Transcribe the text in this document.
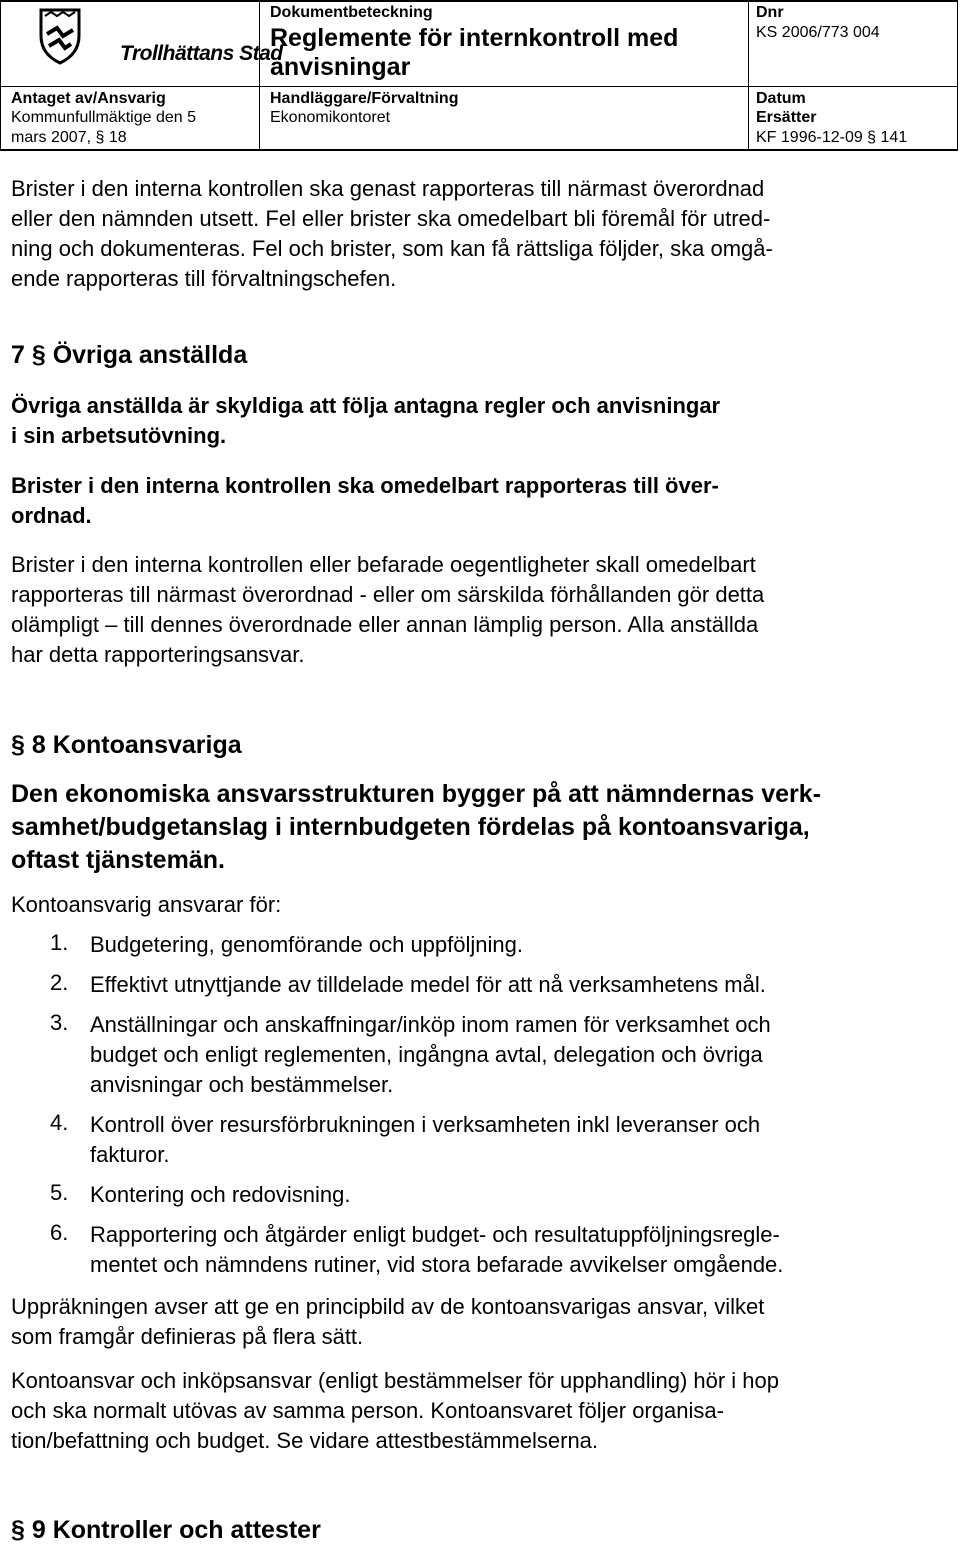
Trollhättans Stad
Dokumentbeteckning
Reglemente för internkontroll med
anvisningar
Handläggare/Förvaltning
Ekonomikontoret
Antaget av/Ansvarig
Kommunfullmäktige den 5
mars 2007, § 18
Dnr
KS 2006/773 004
Datum
Ersätter
KF 1996-12-09 § 141
Brister i den interna kontrollen ska genast rapporteras till närmast överordnad
eller den nämnden utsett. Fel eller brister ska omedelbart bli föremål för utred-
ning och dokumenteras. Fel och brister, som kan få rättsliga följder, ska omgå-
ende rapporteras till förvaltningschefen.
7 § Övriga anställda
Övriga anställda är skyldiga att följa antagna regler och anvisningar
i sin arbetsutövning.
Brister i den interna kontrollen ska omedelbart rapporteras till över-
ordnad.
Brister i den interna kontrollen eller befarade oegentligheter skall omedelbart
rapporteras till närmast överordnad - eller om särskilda förhållanden gör detta
olämpligt – till dennes överordnade eller annan lämplig person. Alla anställda
har detta rapporteringsansvar.
§ 8 Kontoansvariga
Den ekonomiska ansvarsstrukturen bygger på att nämndernas verk-
samhet/budgetanslag i internbudgeten fördelas på kontoansvariga,
oftast tjänstemän.
Kontoansvarig ansvarar för:
1. Budgetering, genomförande och uppföljning.
2. Effektivt utnyttjande av tilldelade medel för att nå verksamhetens mål.
3. Anställningar och anskaffningar/inköp inom ramen för verksamhet och
budget och enligt reglementen, ingångna avtal, delegation och övriga
anvisningar och bestämmelser.
4. Kontroll över resursförbrukningen i verksamheten inkl leveranser och
fakturor.
5. Kontering och redovisning.
6. Rapportering och åtgärder enligt budget- och resultatuppföljningsregle-
mentet och nämndens rutiner, vid stora befarade avvikelser omgående.
Uppräkningen avser att ge en principbild av de kontoansvarigas ansvar, vilket
som framgår definieras på flera sätt.
Kontoansvar och inköpsansvar (enligt bestämmelser för upphandling) hör i hop
och ska normalt utövas av samma person. Kontoansvaret följer organisa-
tion/befattning och budget. Se vidare attestbestämmelserna.
§ 9 Kontroller och attester
